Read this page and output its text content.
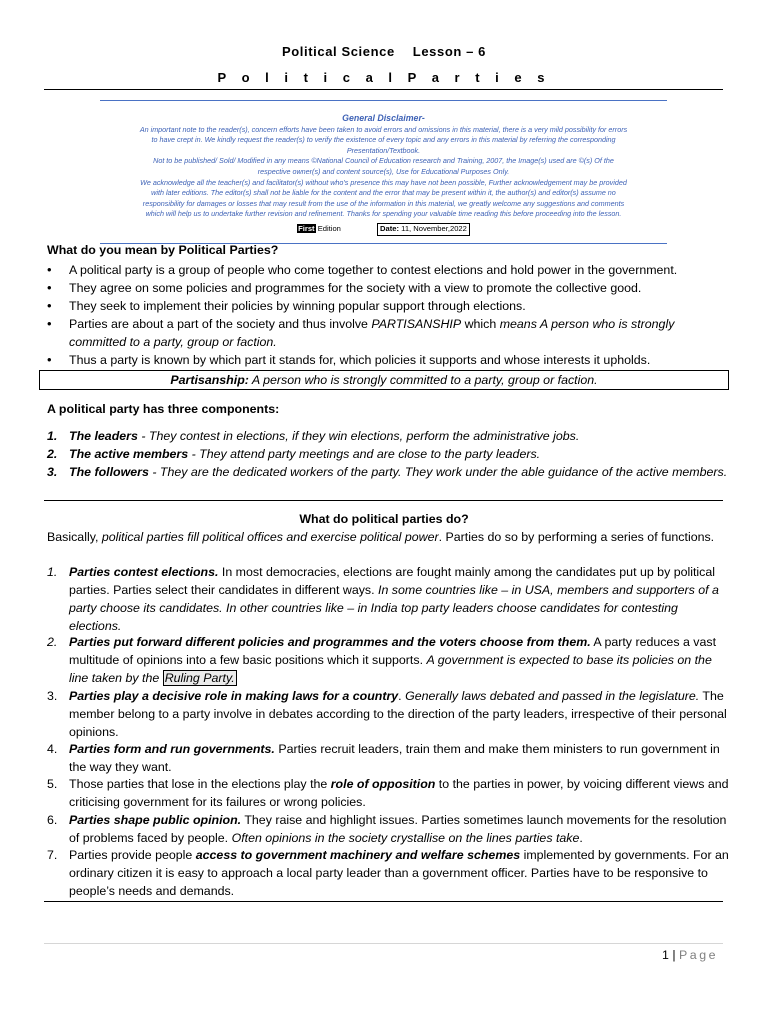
Political Science Lesson – 6
P o l i t i c a l P a r t i e s
General Disclaimer-
An important note to the reader(s), concern efforts have been taken to avoid errors and omissions in this material, there is a very mild possibility for errors
to have crept in. We kindly request the reader(s) to verify the existence of every topic and any errors in this material by referring the corresponding
Presentation/Textbook.
Not to be published/ Sold/ Modified in any means ©National Council of Education research and Training, 2007, the Image(s) used are ©(s) Of the
respective owner(s) and content source(s), Use for Educational Purposes Only.
We acknowledge all the teacher(s) and facilitator(s) without who's presence this may have not been possible, Further acknowledgement may be provided
with later editions. The editor(s) shall not be liable for the content and the error that may be present within it, the author(s) and editor(s) assume no
responsibility for damages or losses that may result from the use of the information in this material, we greatly welcome any suggestions and comments
which will help us to undertake further revision and refinement. Thanks for spending your valuable time reading this before proceeding into the lesson.
First Edition	Date: 11, November,2022
What do you mean by Political Parties?
• A political party is a group of people who come together to contest elections and hold power in the government.
• They agree on some policies and programmes for the society with a view to promote the collective good.
• They seek to implement their policies by winning popular support through elections.
• Parties are about a part of the society and thus involve PARTISANSHIP which means A person who is strongly committed to a party, group or faction.
• Thus a party is known by which part it stands for, which policies it supports and whose interests it upholds.
Partisanship: A person who is strongly committed to a party, group or faction.
A political party has three components:
1. The leaders - They contest in elections, if they win elections, perform the administrative jobs.
2. The active members - They attend party meetings and are close to the party leaders.
3. The followers - They are the dedicated workers of the party. They work under the able guidance of the active members.
What do political parties do?
Basically, political parties fill political offices and exercise political power. Parties do so by performing a series of functions.
1. Parties contest elections. In most democracies, elections are fought mainly among the candidates put up by political parties. Parties select their candidates in different ways. In some countries like – in USA, members and supporters of a party choose its candidates. In other countries like – in India top party leaders choose candidates for contesting elections.
2. Parties put forward different policies and programmes and the voters choose from them. A party reduces a vast multitude of opinions into a few basic positions which it supports. A government is expected to base its policies on the line taken by the Ruling Party.
3. Parties play a decisive role in making laws for a country. Generally laws debated and passed in the legislature. The member belong to a party involve in debates according to the direction of the party leaders, irrespective of their personal opinions.
4. Parties form and run governments. Parties recruit leaders, train them and make them ministers to run government in the way they want.
5. Those parties that lose in the elections play the role of opposition to the parties in power, by voicing different views and criticising government for its failures or wrong policies.
6. Parties shape public opinion. They raise and highlight issues. Parties sometimes launch movements for the resolution of problems faced by people. Often opinions in the society crystallise on the lines parties take.
7. Parties provide people access to government machinery and welfare schemes implemented by governments. For an ordinary citizen it is easy to approach a local party leader than a government officer. Parties have to be responsive to people’s needs and demands.
1 | Page
